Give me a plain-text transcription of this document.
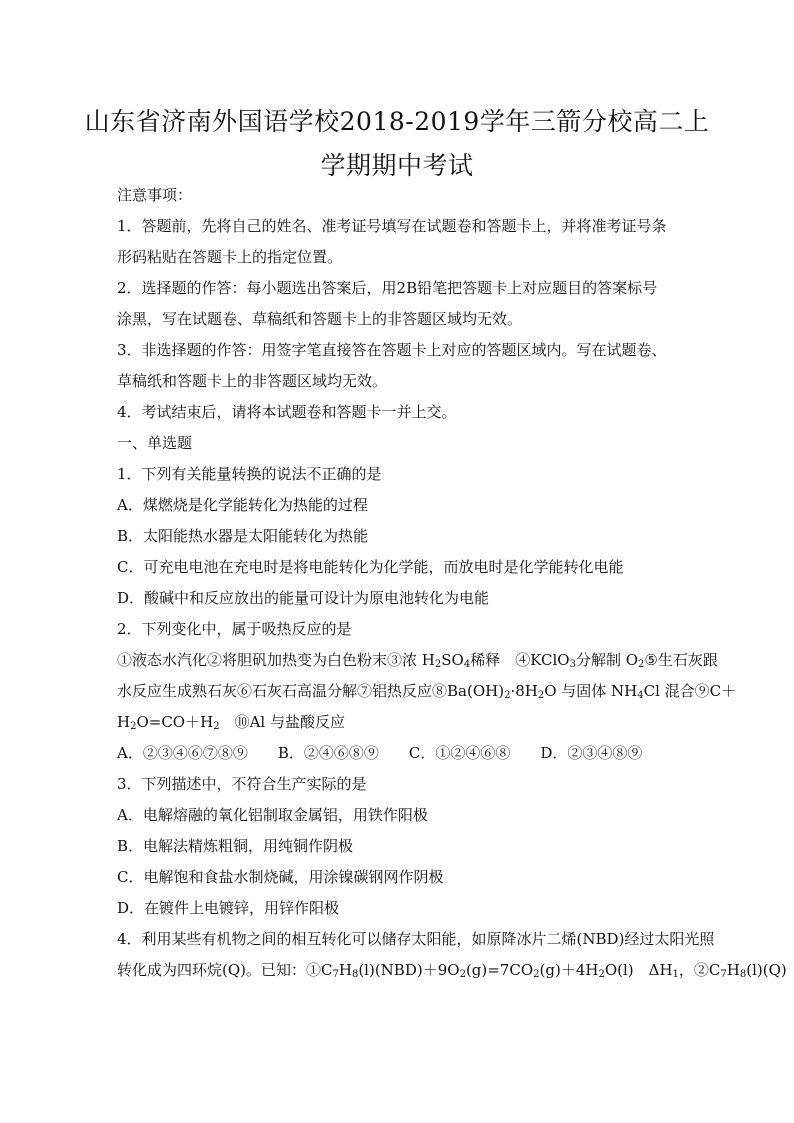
山东省济南外国语学校2018-2019学年三箭分校高二上
学期期中考试
注意事项：
1．答题前，先将自己的姓名、准考证号填写在试题卷和答题卡上，并将准考证号条
形码粘贴在答题卡上的指定位置。
2．选择题的作答：每小题选出答案后，用2B铅笔把答题卡上对应题目的答案标号
涂黑，写在试题卷、草稿纸和答题卡上的非答题区域均无效。
3．非选择题的作答：用签字笔直接答在答题卡上对应的答题区域内。写在试题卷、
草稿纸和答题卡上的非答题区域均无效。
4．考试结束后，请将本试题卷和答题卡一并上交。
一、单选题
1．下列有关能量转换的说法不正确的是
A．煤燃烧是化学能转化为热能的过程
B．太阳能热水器是太阳能转化为热能
C．可充电电池在充电时是将电能转化为化学能，而放电时是化学能转化电能
D．酸碱中和反应放出的能量可设计为原电池转化为电能
2．下列变化中，属于吸热反应的是
①液态水汽化②将胆矾加热变为白色粉末③浓 $H_2SO_4$稀释　④KClO$_3$分解制 $O_2⑤$生石灰跟
水反应生成熟石灰⑥石灰石高温分解⑦铝热反应$⑧Ba(OH)_2\cdot 8H_2O$ 与固体 $NH_4Cl$ 混合⑨C＋
$H_2O=CO+H_2$　⑩Al 与盐酸反应
A．②③④⑥⑦⑧⑨　　B．②④⑥⑧⑨　　C．①②④⑥⑧　　D．②③④⑧⑨
3．下列描述中，不符合生产实际的是
A．电解熔融的氧化铝制取金属铝，用铁作阳极
B．电解法精炼粗铜，用纯铜作阴极
C．电解饱和食盐水制烧碱，用涂镍碳钢网作阴极
D．在镀件上电镀锌，用锌作阳极
4．利用某些有机物之间的相互转化可以储存太阳能，如原降冰片二烯(NBD)经过太阳光照
转化成为四环烷(Q)。已知：$①C_7H_8(l)(NBD)+9O_2(g)=7CO_2(g)+4H_2O(l)$　$\Delta H_1$，$②C_7H_8(l)(Q)$
